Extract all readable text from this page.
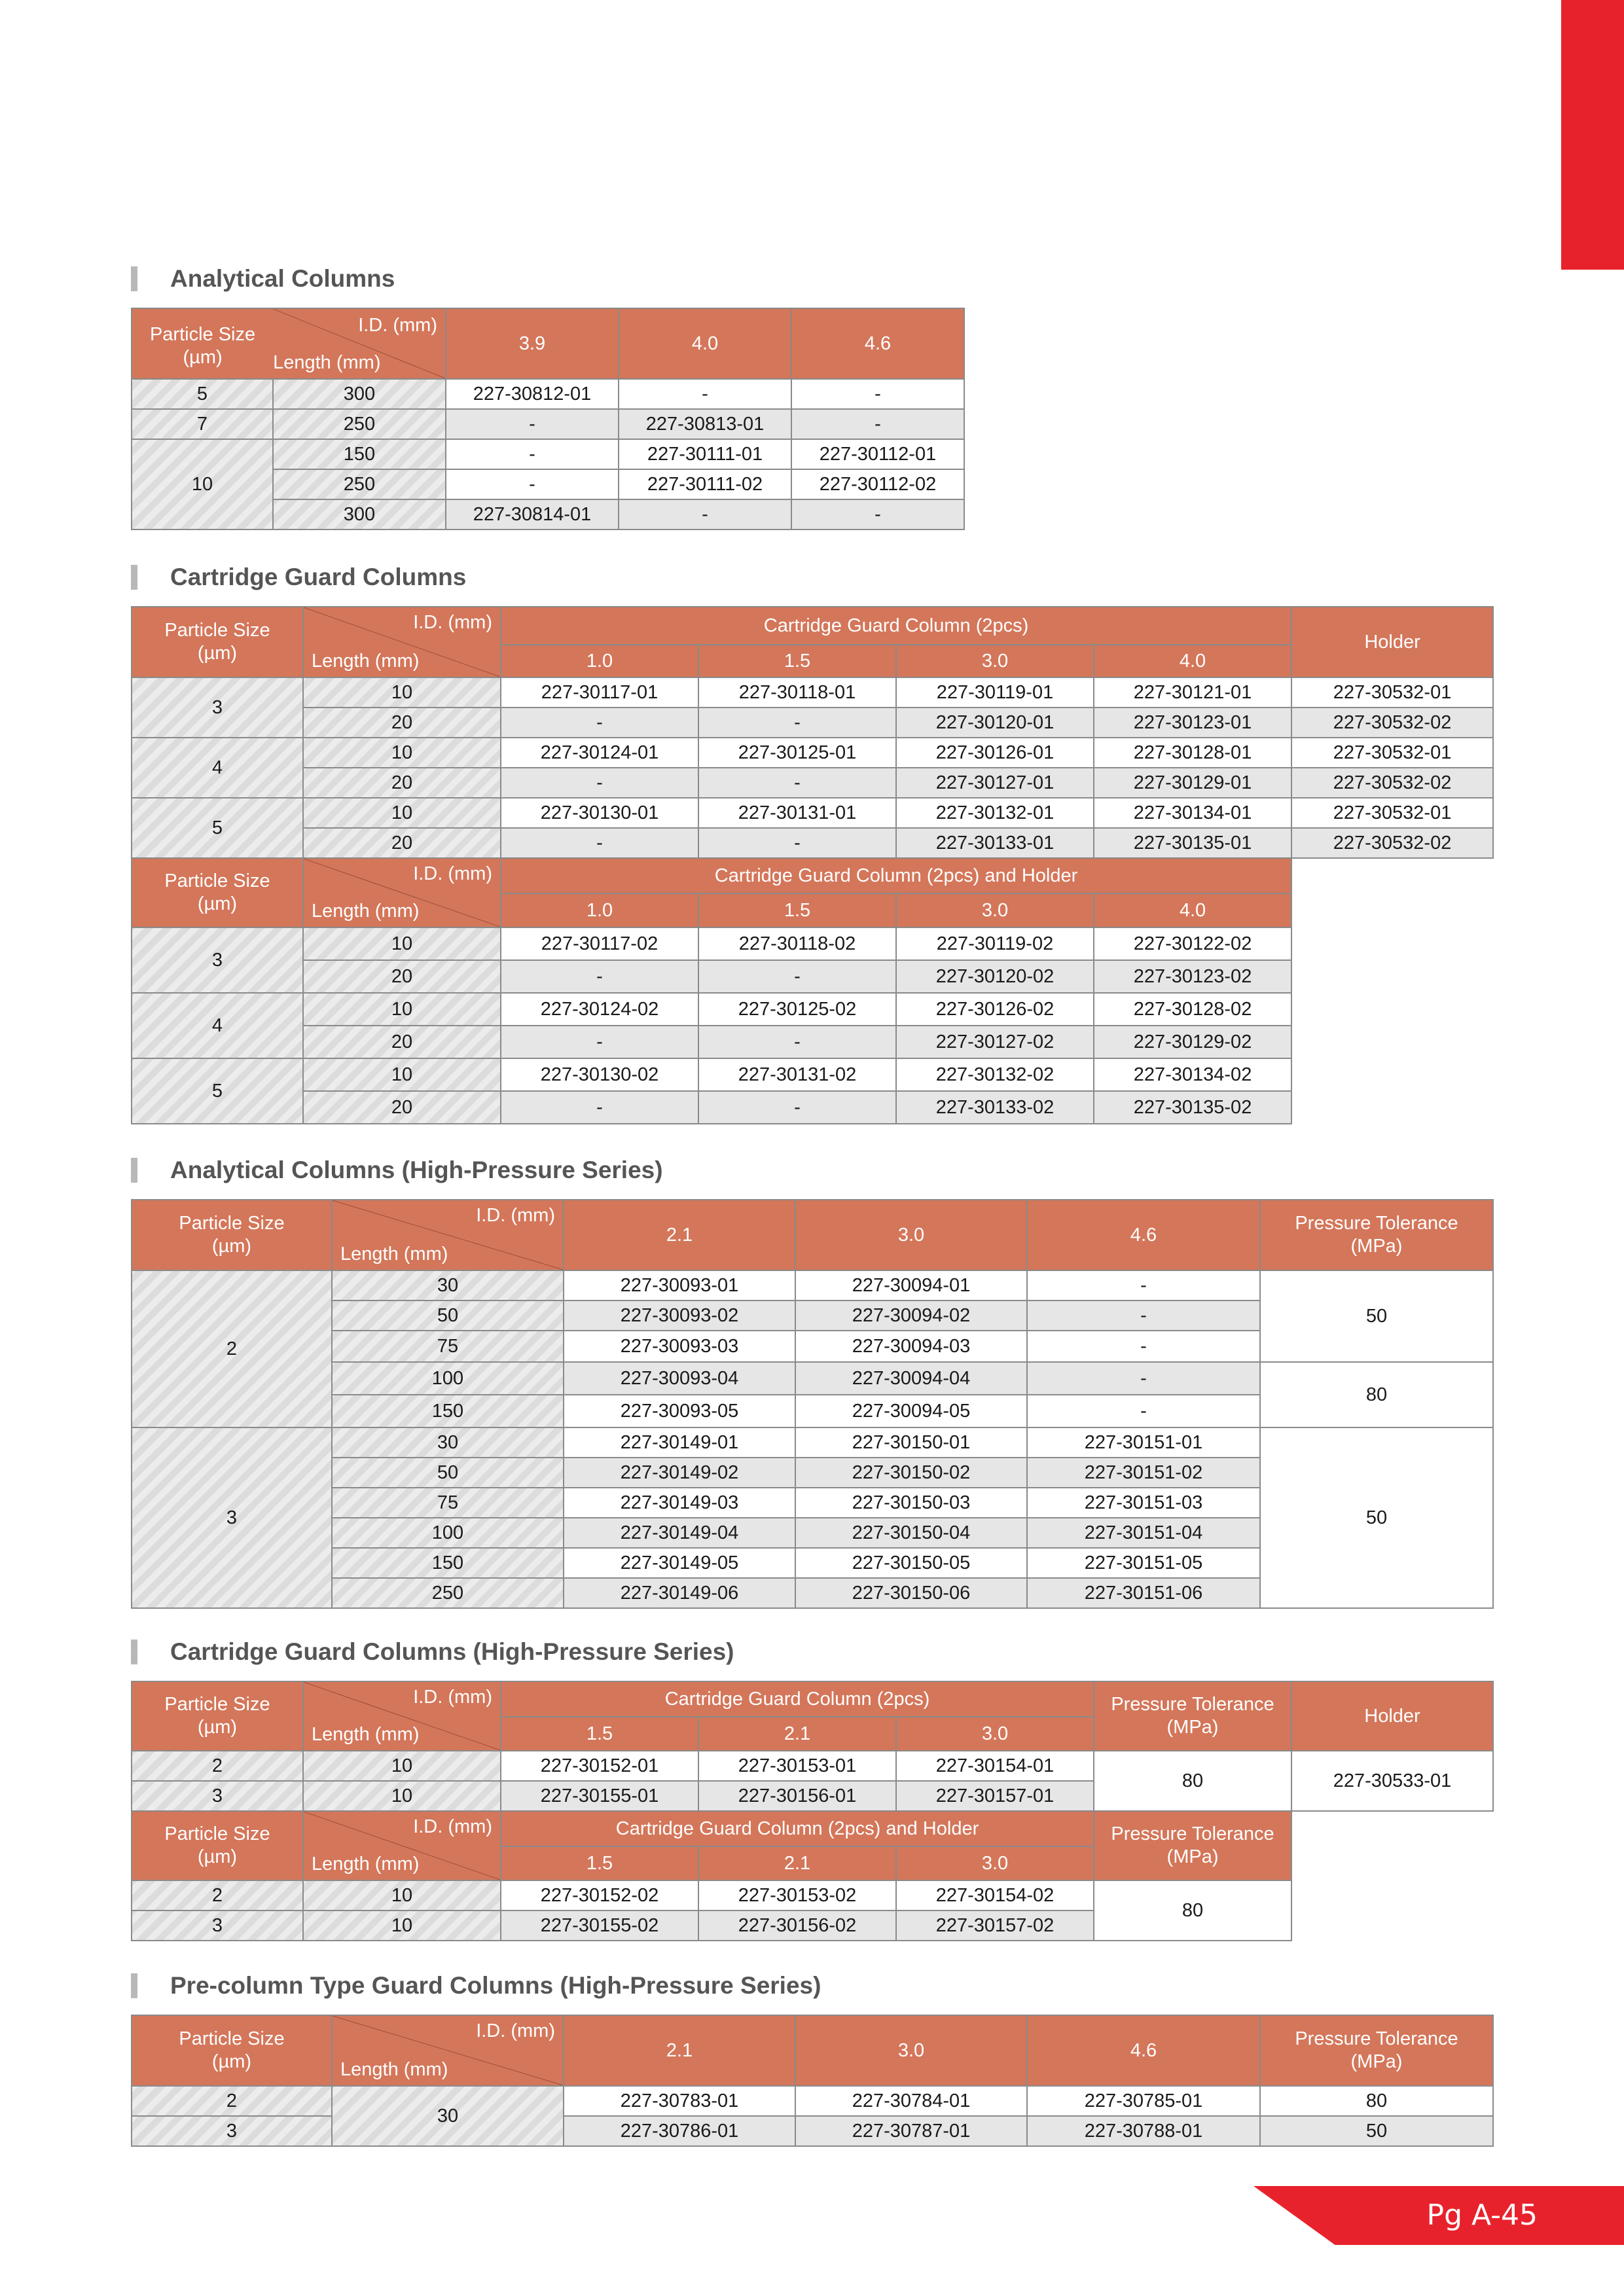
Analytical Columns
Particle Size
(µm)
I.D. (mm)
Length (mm)		3.9	4.0	4.6
5	300	227-30812-01	-	-
7	250	-	227-30813-01	-
10	150	-	227-30111-01	227-30112-01
	250	-	227-30111-02	227-30112-02
	300	227-30814-01	-	-
Cartridge Guard Columns
Particle Size
(µm)	I.D. (mm)
Length (mm)	Cartridge Guard Column (2pcs)				Holder
		1.0	1.5	3.0	4.0	
3	10	227-30117-01	227-30118-01	227-30119-01	227-30121-01	227-30532-01
	20	-	-	227-30120-01	227-30123-01	227-30532-02
4	10	227-30124-01	227-30125-01	227-30126-01	227-30128-01	227-30532-01
	20	-	-	227-30127-01	227-30129-01	227-30532-02
5	10	227-30130-01	227-30131-01	227-30132-01	227-30134-01	227-30532-01
	20	-	-	227-30133-01	227-30135-01	227-30532-02
Particle Size
(µm)	I.D. (mm)
Length (mm)	Cartridge Guard Column (2pcs) and Holder			
		1.0	1.5	3.0	4.0
3	10	227-30117-02	227-30118-02	227-30119-02	227-30122-02
	20	-	-	227-30120-02	227-30123-02
4	10	227-30124-02	227-30125-02	227-30126-02	227-30128-02
	20	-	-	227-30127-02	227-30129-02
5	10	227-30130-02	227-30131-02	227-30132-02	227-30134-02
	20	-	-	227-30133-02	227-30135-02
Analytical Columns (High-Pressure Series)
Particle Size
(µm)	I.D. (mm)
Length (mm)	2.1	3.0	4.6	Pressure Tolerance
(MPa)
2	30	227-30093-01	227-30094-01	-	50
	50	227-30093-02	227-30094-02	-	
	75	227-30093-03	227-30094-03	-	
	100	227-30093-04	227-30094-04	-	80
	150	227-30093-05	227-30094-05	-	
3	30	227-30149-01	227-30150-01	227-30151-01	50
	50	227-30149-02	227-30150-02	227-30151-02	
	75	227-30149-03	227-30150-03	227-30151-03	
	100	227-30149-04	227-30150-04	227-30151-04	
	150	227-30149-05	227-30150-05	227-30151-05	
	250	227-30149-06	227-30150-06	227-30151-06	
Cartridge Guard Columns (High-Pressure Series)
Particle Size
(µm)	I.D. (mm)
Length (mm)	Cartridge Guard Column (2pcs)			Pressure Tolerance
(MPa)	Holder
		1.5	2.1	3.0		
2	10	227-30152-01	227-30153-01	227-30154-01	80	227-30533-01
3	10	227-30155-01	227-30156-01	227-30157-01		
Particle Size
(µm)	I.D. (mm)
Length (mm)	Cartridge Guard Column (2pcs) and Holder			Pressure Tolerance
(MPa)
		1.5	2.1	3.0	
2	10	227-30152-02	227-30153-02	227-30154-02	80
3	10	227-30155-02	227-30156-02	227-30157-02	
Pre-column Type Guard Columns (High-Pressure Series)
Particle Size
(µm)	I.D. (mm)
Length (mm)	2.1	3.0	4.6	Pressure Tolerance
(MPa)
2	30	227-30783-01	227-30784-01	227-30785-01	80
3		227-30786-01	227-30787-01	227-30788-01	50
Pg A-45
